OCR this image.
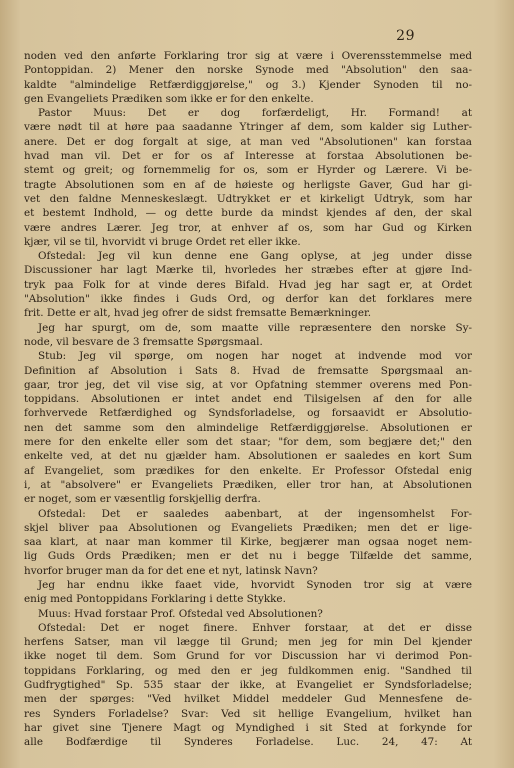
29
noden ved den anførte Forklaring tror sig at være i Overensstemmelse med
Pontoppidan. 2) Mener den norske Synode med "Absolution" den saa-
kaldte "almindelige Retfærdiggjørelse," og 3.) Kjender Synoden til no-
gen Evangeliets Prædiken som ikke er for den enkelte.
Pastor Muus: Det er dog forfærdeligt, Hr. Formand! at
være nødt til at høre paa saadanne Ytringer af dem, som kalder sig Luther-
anere. Det er dog forgalt at sige, at man ved "Absolutionen" kan forstaa
hvad man vil. Det er for os af Interesse at forstaa Absolutionen be-
stemt og greit; og fornemmelig for os, som er Hyrder og Lærere. Vi be-
tragte Absolutionen som en af de høieste og herligste Gaver, Gud har gi-
vet den faldne Menneskeslægt. Udtrykket er et kirkeligt Udtryk, som har
et bestemt Indhold, — og dette burde da mindst kjendes af den, der skal
være andres Lærer. Jeg tror, at enhver af os, som har Gud og Kirken
kjær, vil se til, hvorvidt vi bruge Ordet ret eller ikke.
Ofstedal: Jeg vil kun denne ene Gang oplyse, at jeg under disse
Discussioner har lagt Mærke til, hvorledes her stræbes efter at gjøre Ind-
tryk paa Folk for at vinde deres Bifald. Hvad jeg har sagt er, at Ordet
"Absolution" ikke findes i Guds Ord, og derfor kan det forklares mere
frit. Dette er alt, hvad jeg ofrer de sidst fremsatte Bemærkninger.
Jeg har spurgt, om de, som maatte ville repræsentere den norske Sy-
node, vil besvare de 3 fremsatte Spørgsmaal.
Stub: Jeg vil spørge, om nogen har noget at indvende mod vor
Definition af Absolution i Sats 8. Hvad de fremsatte Spørgsmaal an-
gaar, tror jeg, det vil vise sig, at vor Opfatning stemmer overens med Pon-
toppidans. Absolutionen er intet andet end Tilsigelsen af den for alle
forhvervede Retfærdighed og Syndsforladelse, og forsaavidt er Absolutio-
nen det samme som den almindelige Retfærdiggjørelse. Absolutionen er
mere for den enkelte eller som det staar; "for dem, som begjære det;" den
enkelte ved, at det nu gjælder ham. Absolutionen er saaledes en kort Sum
af Evangeliet, som prædikes for den enkelte. Er Professor Ofstedal enig
i, at "absolvere" er Evangeliets Prædiken, eller tror han, at Absolutionen
er noget, som er væsentlig forskjellig derfra.
Ofstedal: Det er saaledes aabenbart, at der ingensomhelst For-
skjel bliver paa Absolutionen og Evangeliets Prædiken; men det er lige-
saa klart, at naar man kommer til Kirke, begjærer man ogsaa noget nem-
lig Guds Ords Prædiken; men er det nu i begge Tilfælde det samme,
hvorfor bruger man da for det ene et nyt, latinsk Navn?
Jeg har endnu ikke faaet vide, hvorvidt Synoden tror sig at være
enig med Pontoppidans Forklaring i dette Stykke.
Muus: Hvad forstaar Prof. Ofstedal ved Absolutionen?
Ofstedal: Det er noget finere. Enhver forstaar, at det er disse
herfens Satser, man vil lægge til Grund; men jeg for min Del kjender
ikke noget til dem. Som Grund for vor Discussion har vi derimod Pon-
toppidans Forklaring, og med den er jeg fuldkommen enig. "Sandhed til
Gudfrygtighed" Sp. 535 staar der ikke, at Evangeliet er Syndsforladelse;
men der spørges: "Ved hvilket Middel meddeler Gud Mennesfene de-
res Synders Forladelse? Svar: Ved sit hellige Evangelium, hvilket han
har givet sine Tjenere Magt og Myndighed i sit Sted at forkynde for
alle Bodfærdige til Synderes Forladelse. Luc. 24, 47: At
